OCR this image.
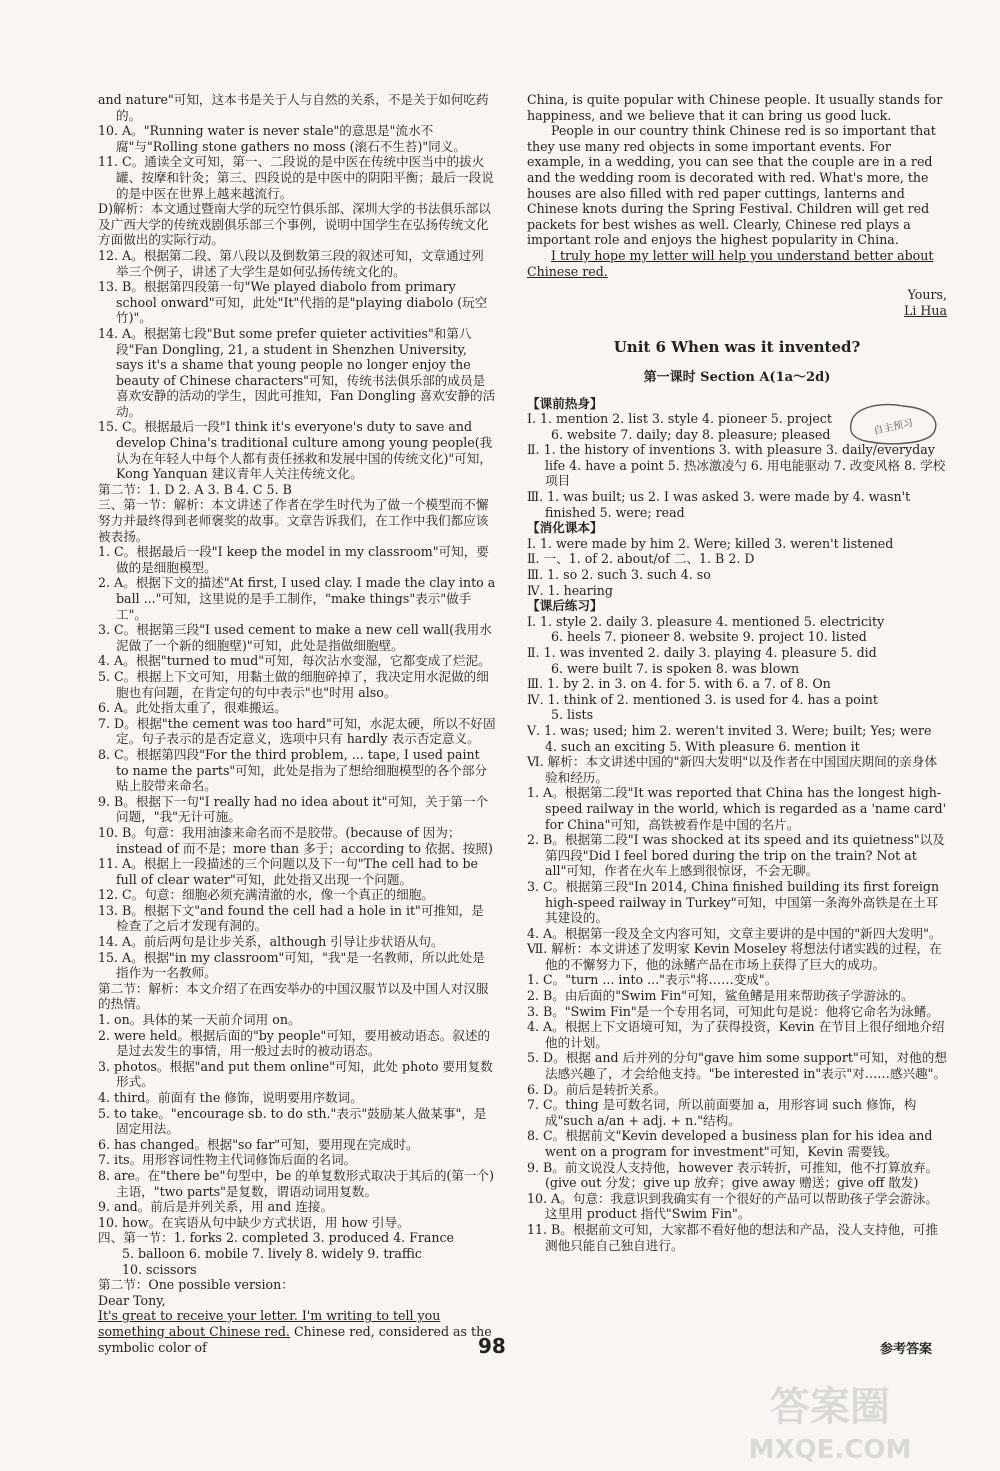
and nature"可知，这本书是关于人与自然的关系，不是关于如何吃药的。

10. A。"Running water is never stale"的意思是"流水不腐"与"Rolling stone gathers no moss (滚石不生苔)"同义。

11. C。通读全文可知，第一、二段说的是中医在传统中医当中的拔火罐、按摩和针灸；第三、四段说的是中医中的阴阳平衡；最后一段说的是中医在世界上越来越流行。

D)解析：本文通过暨南大学的玩空竹俱乐部、深圳大学的书法俱乐部以及广西大学的传统戏剧俱乐部三个事例，说明中国学生在弘扬传统文化方面做出的实际行动。

12. A。根据第二段、第八段以及倒数第三段的叙述可知，文章通过列举三个例子，讲述了大学生是如何弘扬传统文化的。

13. B。根据第四段第一句"We played diabolo from primary school onward"可知，此处"It"代指的是"playing diabolo (玩空竹)"。

14. A。根据第七段"But some prefer quieter activities"和第八段"Fan Dongling, 21, a student in Shenzhen University, says it's a shame that young people no longer enjoy the beauty of Chinese characters"可知，传统书法俱乐部的成员是喜欢安静的活动的学生，因此可推知，Fan Dongling 喜欢安静的活动。

15. C。根据最后一段"I think it's everyone's duty to save and develop China's traditional culture among young people(我认为在年轻人中每个人都有责任拯救和发展中国的传统文化)"可知，Kong Yanquan 建议青年人关注传统文化。

第二节：1. D 2. A 3. B 4. C 5. B

三、第一节：解析：本文讲述了作者在学生时代为了做一个模型而不懈努力并最终得到老师褒奖的故事。文章告诉我们，在工作中我们都应该被表扬。

1. C。根据最后一段"I keep the model in my classroom"可知，要做的是细胞模型。

2. A。根据下文的描述"At first, I used clay. I made the clay into a ball ..."可知，这里说的是手工制作，"make things"表示"做手工"。

3. C。根据第三段"I used cement to make a new cell wall(我用水泥做了一个新的细胞壁)"可知，此处是指做细胞壁。

4. A。根据"turned to mud"可知，每次沾水变湿，它都变成了烂泥。

5. C。根据上下文可知，用黏土做的细胞碎掉了，我决定用水泥做的细胞也有问题，在肯定句的句中表示"也"时用 also。

6. A。此处指太重了，很难搬运。

7. D。根据"the cement was too hard"可知，水泥太硬，所以不好固定。句子表示的是否定意义，选项中只有 hardly 表示否定意义。

8. C。根据第四段"For the third problem, ... tape, I used paint to name the parts"可知，此处是指为了想给细胞模型的各个部分贴上胶带来命名。

9. B。根据下一句"I really had no idea about it"可知，关于第一个问题，"我"无计可施。

10. B。句意：我用油漆来命名而不是胶带。(because of 因为；instead of 而不是；more than 多于；according to 依据、按照)

11. A。根据上一段描述的三个问题以及下一句"The cell had to be full of clear water"可知，此处指又出现一个问题。

12. C。句意：细胞必须充满清澈的水，像一个真正的细胞。

13. B。根据下文"and found the cell had a hole in it"可推知，是检查了之后才发现有洞的。

14. A。前后两句是让步关系，although 引导让步状语从句。

15. A。根据"in my classroom"可知，"我"是一名教师，所以此处是指作为一名教师。

第二节：解析：本文介绍了在西安举办的中国汉服节以及中国人对汉服的热情。

1. on。具体的某一天前介词用 on。

2. were held。根据后面的"by people"可知，要用被动语态。叙述的是过去发生的事情，用一般过去时的被动语态。

3. photos。根据"and put them online"可知，此处 photo 要用复数形式。

4. third。前面有 the 修饰，说明要用序数词。

5. to take。"encourage sb. to do sth."表示"鼓励某人做某事"，是固定用法。

6. has changed。根据"so far"可知，要用现在完成时。

7. its。用形容词性物主代词修饰后面的名词。

8. are。在"there be"句型中，be 的单复数形式取决于其后的(第一个)主语，"two parts"是复数，谓语动词用复数。

9. and。前后是并列关系，用 and 连接。

10. how。在宾语从句中缺少方式状语，用 how 引导。

四、第一节：1. forks 2. completed 3. produced 4. France

5. balloon 6. mobile 7. lively 8. widely 9. traffic

10. scissors

第二节：One possible version：

Dear Tony,

It's great to receive your letter. I'm writing to tell you something about Chinese red. Chinese red, considered as the symbolic color of

China, is quite popular with Chinese people. It usually stands for happiness, and we believe that it can bring us good luck.

People in our country think Chinese red is so important that they use many red objects in some important events. For example, in a wedding, you can see that the couple are in a red and the wedding room is decorated with red. What's more, the houses are also filled with red paper cuttings, lanterns and Chinese knots during the Spring Festival. Children will get red packets for best wishes as well. Clearly, Chinese red plays a important role and enjoys the highest popularity in China.

I truly hope my letter will help you understand better about Chinese red.

Yours,

Li Hua

Unit 6 When was it invented?
第一课时 Section A(1a～2d)

【课前热身】

Ⅰ. 1. mention 2. list 3. style 4. pioneer 5. project

6. website 7. daily; day 8. pleasure; pleased

Ⅱ. 1. the history of inventions 3. with pleasure 3. daily/everyday life 4. have a point 5. 热冰激凌勺 6. 用电能驱动 7. 改变风格 8. 学校项目

Ⅲ. 1. was built; us 2. I was asked 3. were made by 4. wasn't finished 5. were; read

【消化课本】

Ⅰ. 1. were made by him 2. Were; killed 3. weren't listened

Ⅱ. 一、1. of 2. about/of 二、1. B 2. D

Ⅲ. 1. so 2. such 3. such 4. so

Ⅳ. 1. hearing

【课后练习】

Ⅰ. 1. style 2. daily 3. pleasure 4. mentioned 5. electricity

6. heels 7. pioneer 8. website 9. project 10. listed

Ⅱ. 1. was invented 2. daily 3. playing 4. pleasure 5. did

6. were built 7. is spoken 8. was blown

Ⅲ. 1. by 2. in 3. on 4. for 5. with 6. a 7. of 8. On

Ⅳ. 1. think of 2. mentioned 3. is used for 4. has a point

5. lists

Ⅴ. 1. was; used; him 2. weren't invited 3. Were; built; Yes; were 4. such an exciting 5. With pleasure 6. mention it

Ⅵ. 解析：本文讲述中国的"新四大发明"以及作者在中国国庆期间的亲身体验和经历。

1. A。根据第二段"It was reported that China has the longest high-speed railway in the world, which is regarded as a 'name card' for China"可知，高铁被看作是中国的名片。

2. B。根据第二段"I was shocked at its speed and its quietness"以及第四段"Did I feel bored during the trip on the train? Not at all"可知，作者在火车上感到很惊讶，不会无聊。

3. C。根据第三段"In 2014, China finished building its first foreign high-speed railway in Turkey"可知，中国第一条海外高铁是在土耳其建设的。

4. A。根据第一段及全文内容可知，文章主要讲的是中国的"新四大发明"。

Ⅶ. 解析：本文讲述了发明家 Kevin Moseley 将想法付诸实践的过程，在他的不懈努力下，他的泳鳍产品在市场上获得了巨大的成功。

1. C。"turn ... into ..."表示"将……变成"。

2. B。由后面的"Swim Fin"可知，鲨鱼鳍是用来帮助孩子学游泳的。

3. B。"Swim Fin"是一个专用名词，可知此句是说：他将它命名为泳鳍。

4. A。根据上下文语境可知，为了获得投资，Kevin 在节目上很仔细地介绍他的计划。

5. D。根据 and 后并列的分句"gave him some support"可知，对他的想法感兴趣了，才会给他支持。"be interested in"表示"对……感兴趣"。

6. D。前后是转折关系。

7. C。thing 是可数名词，所以前面要加 a，用形容词 such 修饰，构成"such a/an + adj. + n."结构。

8. C。根据前文"Kevin developed a business plan for his idea and went on a program for investment"可知，Kevin 需要钱。

9. B。前文说没人支持他，however 表示转折，可推知，他不打算放弃。(give out 分发；give up 放弃；give away 赠送；give off 散发)

10. A。句意：我意识到我确实有一个很好的产品可以帮助孩子学会游泳。这里用 product 指代"Swim Fin"。

11. B。根据前文可知，大家都不看好他的想法和产品，没人支持他，可推测他只能自己独自进行。

自主预习
98	参考答案
答案圈
MXQE.COM
